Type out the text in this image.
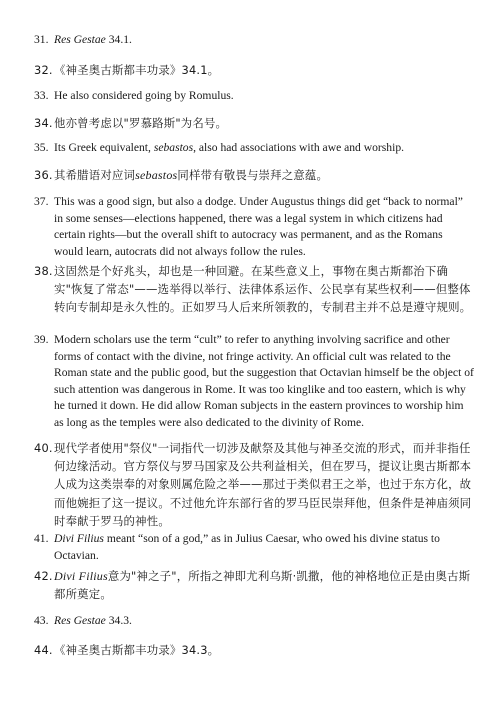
31. Res Gestae 34.1.
32.《神圣奥古斯都丰功录》34.1。
33. He also considered going by Romulus.
34.他亦曾考虑以"罗慕路斯"为名号。
35. Its Greek equivalent, sebastos, also had associations with awe and worship.
36.其希腊语对应词sebastos同样带有敬畏与崇拜之意蕴。
37. This was a good sign, but also a dodge. Under Augustus things did get “back to normal” in some senses—elections happened, there was a legal system in which citizens had certain rights—but the overall shift to autocracy was permanent, and as the Romans would learn, autocrats did not always follow the rules.
38.这固然是个好兆头，却也是一种回避。在某些意义上，事物在奥古斯都治下确实"恢复了常态"——选举得以举行、法律体系运作、公民享有某些权利——但整体转向专制却是永久性的。正如罗马人后来所领教的，专制君主并不总是遵守规则。
39. Modern scholars use the term “cult” to refer to anything involving sacrifice and other forms of contact with the divine, not fringe activity. An official cult was related to the Roman state and the public good, but the suggestion that Octavian himself be the object of such attention was dangerous in Rome. It was too kinglike and too eastern, which is why he turned it down. He did allow Roman subjects in the eastern provinces to worship him as long as the temples were also dedicated to the divinity of Rome.
40.现代学者使用"祭仪"一词指代一切涉及献祭及其他与神圣交流的形式，而并非指任何边缘活动。官方祭仪与罗马国家及公共利益相关，但在罗马，提议让奥古斯都本人成为这类崇奉的对象则属危险之举——那过于类似君王之举，也过于东方化，故而他婉拒了这一提议。不过他允许东部行省的罗马臣民崇拜他，但条件是神庙须同时奉献于罗马的神性。
41. Divi Filius meant “son of a god,” as in Julius Caesar, who owed his divine status to Octavian.
42.Divi Filius意为"神之子"，所指之神即尤利乌斯·凯撒，他的神格地位正是由奥古斯都所奠定。
43. Res Gestae 34.3.
44.《神圣奥古斯都丰功录》34.3。
